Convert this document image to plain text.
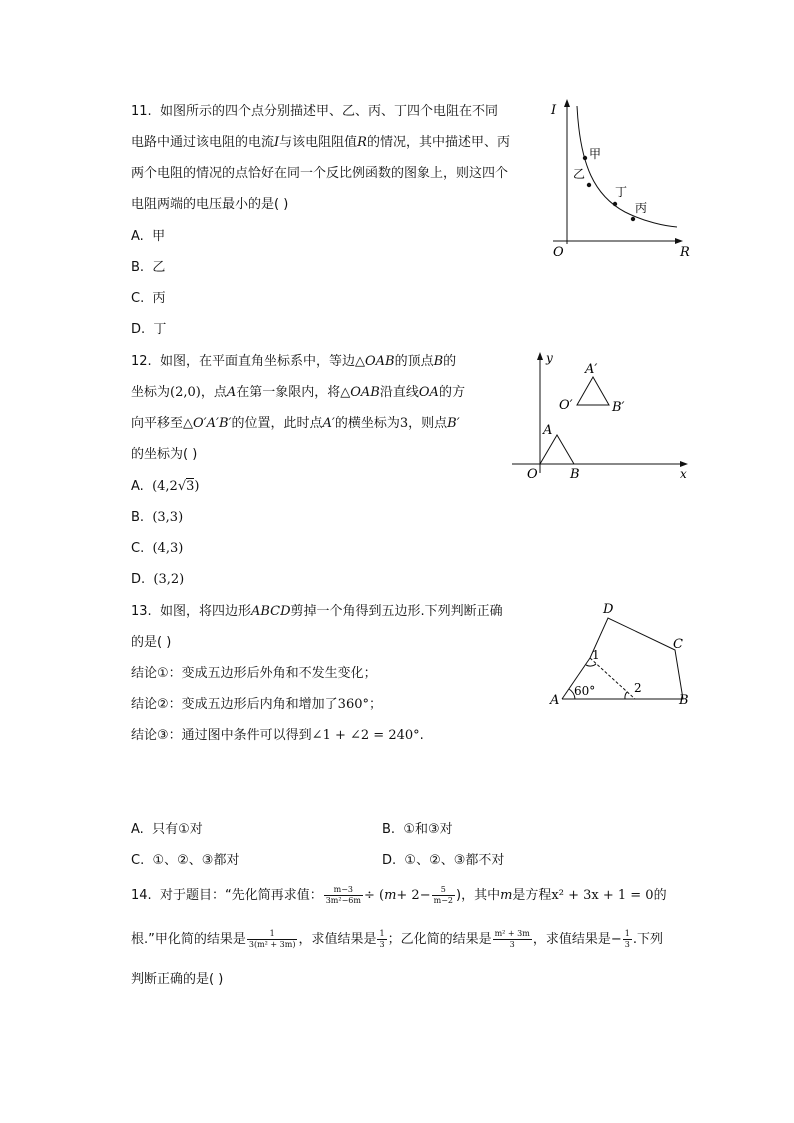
11. 如图所示的四个点分别描述甲、乙、丙、丁四个电阻在不同
电路中通过该电阻的电流I与该电阻阻值R的情况，其中描述甲、丙
两个电阻的情况的点恰好在同一个反比例函数的图象上，则这四个
电阻两端的电压最小的是( )
A. 甲
B. 乙
C. 丙
D. 丁
I
R
O
甲
乙
丁
丙
12. 如图，在平面直角坐标系中，等边△OAB的顶点B的
坐标为(2,0)，点A在第一象限内，将△OAB沿直线OA的方
向平移至△O′A′B′的位置，此时点A′的横坐标为3，则点B′
的坐标为( )
A. (4,2√3)
B. (3,3)
C. (4,3)
D. (3,2)
y
x
O
A′
O′	B′
A
B
13. 如图，将四边形ABCD剪掉一个角得到五边形.下列判断正确
的是( )
结论①：变成五边形后外角和不发生变化；
结论②：变成五边形后内角和增加了360°；
结论③：通过图中条件可以得到∠1 + ∠2 = 240°.
A. 只有①对	B. ①和③对
C. ①、②、③都对	D. ①、②、③都不对
D
C
A	B
60°
1
2
14. 对于题目：“先化简再求值： $\frac{m-3}{\text{3m²−6m}} \div (m+ 2- \frac{5}{m-2}$ )，其中m是方程x² + 3x + 1 = 0的
根.”甲化简的结果是 $\frac{1}{\text{3(m² + 3m)}}$ ，求值结果是 $\frac{1}{3}$ ；乙化简的结果是 $\frac{\text{m² + 3m}}{3}$ ，求值结果是− $\frac{1}{3}$ .下列
判断正确的是( )
